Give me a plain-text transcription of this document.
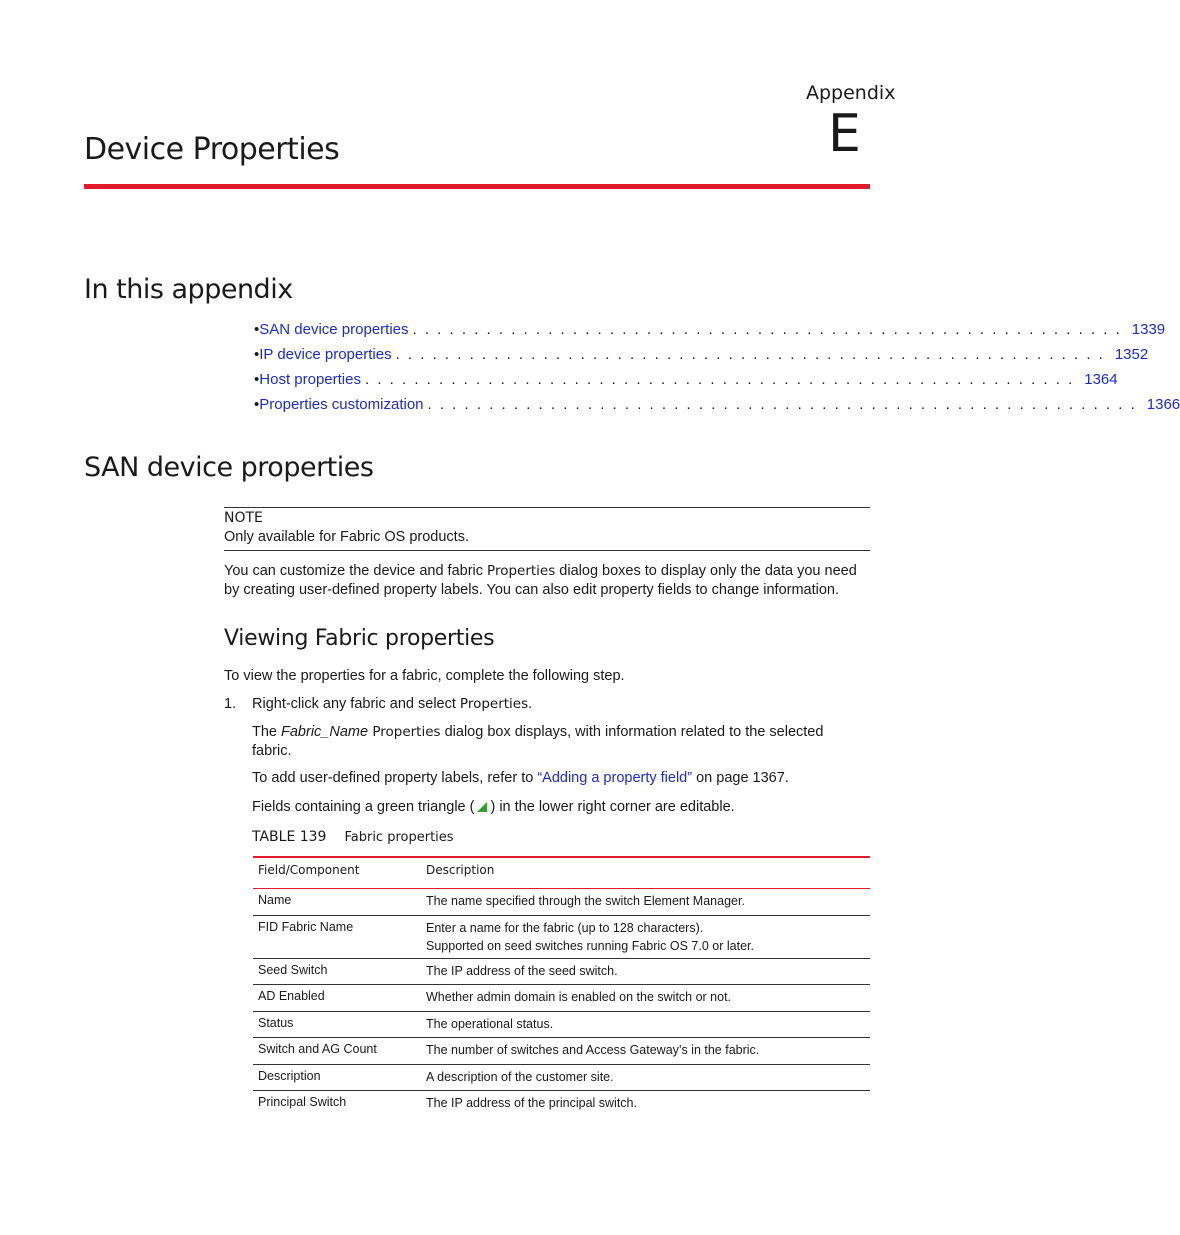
Appendix
E
Device Properties
In this appendix
• SAN device properties . . . . . . . . . . . . . . . . . . . . . . . . . . . . . . . . . . . . . . . . . . . . . . . . . . . . . . . . . . 1339
• IP device properties . . . . . . . . . . . . . . . . . . . . . . . . . . . . . . . . . . . . . . . . . . . . . . . . . . . . . . . . . . 1352
• Host properties . . . . . . . . . . . . . . . . . . . . . . . . . . . . . . . . . . . . . . . . . . . . . . . . . . . . . . . . . . 1364
• Properties customization . . . . . . . . . . . . . . . . . . . . . . . . . . . . . . . . . . . . . . . . . . . . . . . . . . . . . . . . . . 1366
SAN device properties
NOTE
Only available for Fabric OS products.
You can customize the device and fabric Properties dialog boxes to display only the data you need
by creating user-defined property labels. You can also edit property fields to change information.
Viewing Fabric properties
To view the properties for a fabric, complete the following step.
1. Right-click any fabric and select Properties.
The Fabric_Name Properties dialog box displays, with information related to the selected
fabric.
To add user-defined property labels, refer to “Adding a property field” on page 1367.
Fields containing a green triangle ( ) in the lower right corner are editable.
TABLE 139 Fabric properties
Field/Component	Description
Name	The name specified through the switch Element Manager.
FID Fabric Name	Enter a name for the fabric (up to 128 characters).
Supported on seed switches running Fabric OS 7.0 or later.
Seed Switch	The IP address of the seed switch.
AD Enabled	Whether admin domain is enabled on the switch or not.
Status	The operational status.
Switch and AG Count	The number of switches and Access Gateway’s in the fabric.
Description	A description of the customer site.
Principal Switch	The IP address of the principal switch.
